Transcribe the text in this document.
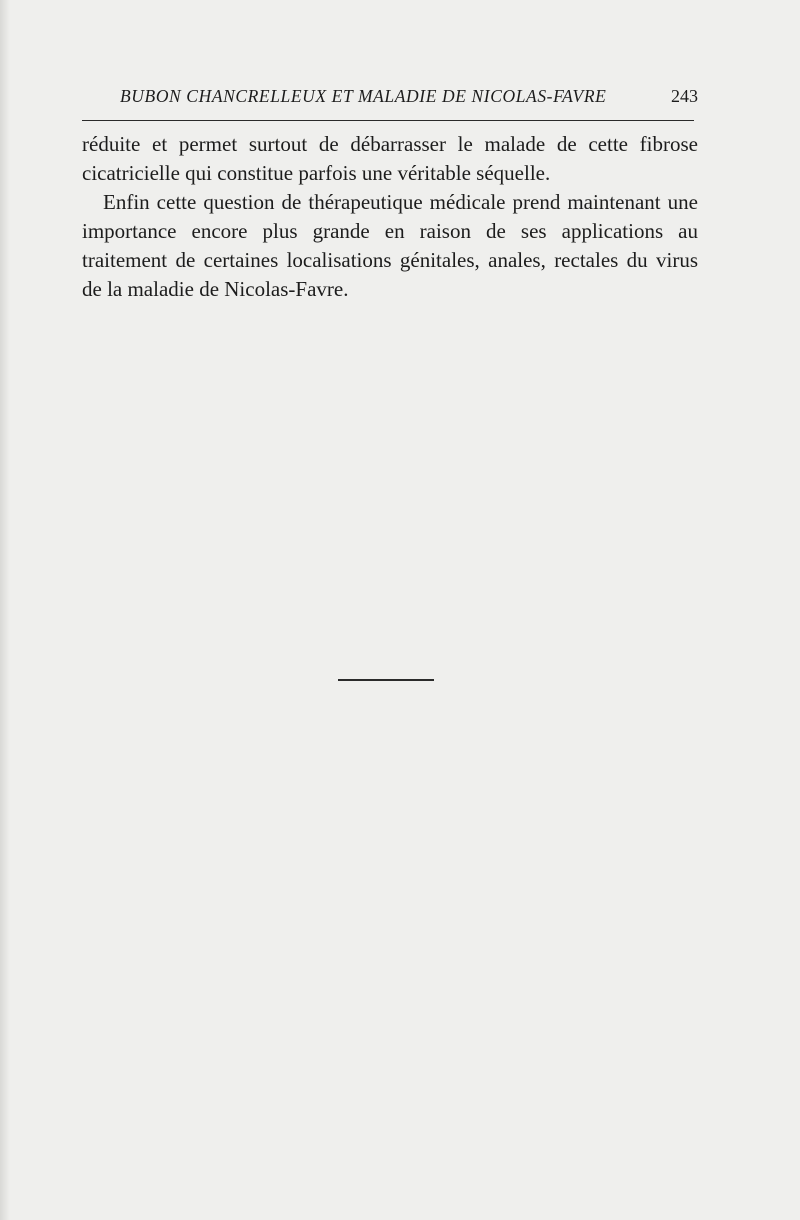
BUBON CHANCRELLEUX ET MALADIE DE NICOLAS-FAVRE	243

réduite et permet surtout de débarrasser le malade de cette fibrose cicatricielle qui constitue parfois une véritable séquelle.

Enfin cette question de thérapeutique médicale prend maintenant une importance encore plus grande en raison de ses applications au traitement de certaines localisations génitales, anales, rectales du virus de la maladie de Nicolas-Favre.
